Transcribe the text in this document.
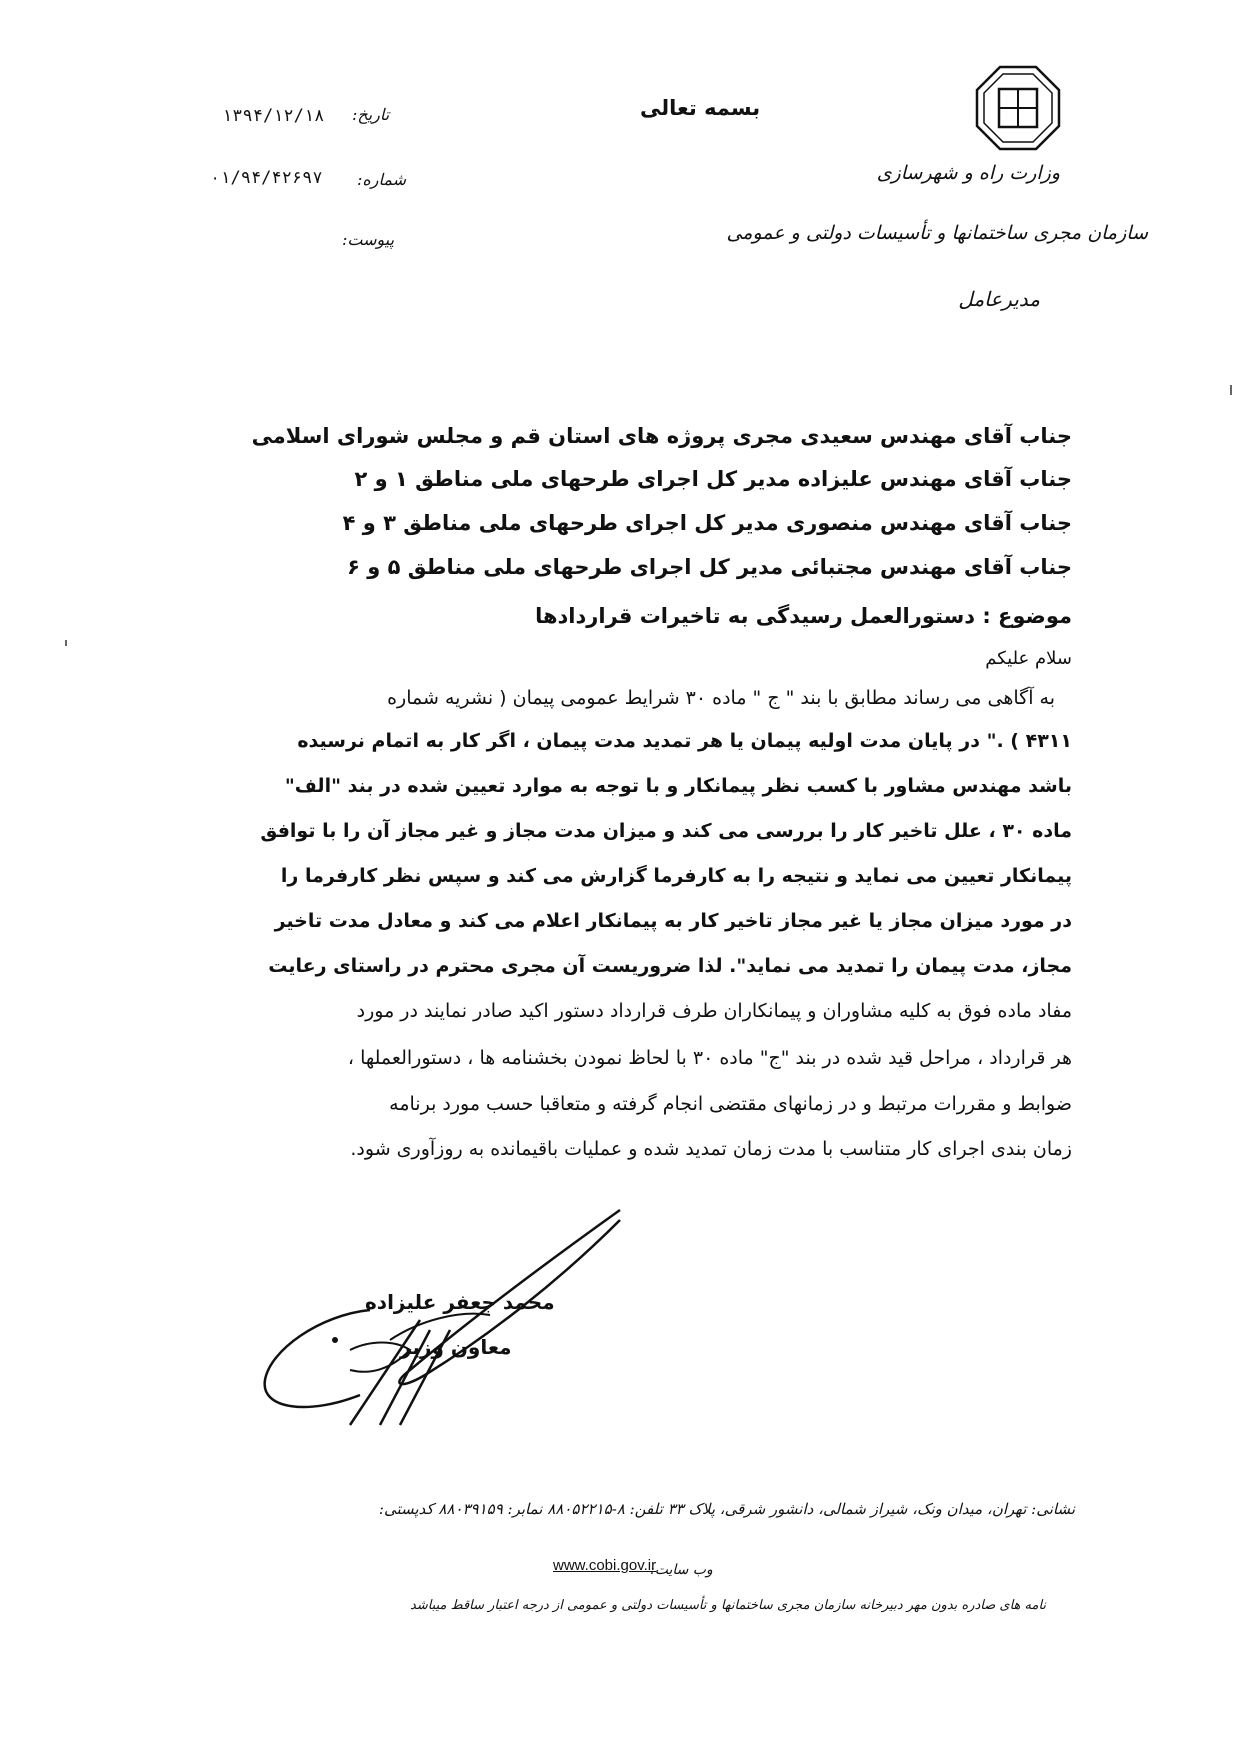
وزارت راه و شهرسازی
سازمان مجری ساختمانها و تأسیسات دولتی و عمومی
مدیرعامل
بسمه تعالی
تاریخ:
۱۳۹۴/۱۲/۱۸
شماره:
۰۱/۹۴/۴۲۶۹۷
پیوست:
جناب آقای مهندس سعیدی مجری پروژه های استان قم و مجلس شورای اسلامی
جناب آقای مهندس علیزاده مدیر کل اجرای طرحهای ملی مناطق ۱ و ۲
جناب آقای مهندس منصوری مدیر کل اجرای طرحهای ملی مناطق ۳ و ۴
جناب آقای مهندس مجتبائی مدیر کل اجرای طرحهای ملی مناطق ۵ و ۶
موضوع : دستورالعمل رسیدگی به تاخیرات قراردادها
سلام علیکم
به آگاهی می رساند مطابق با بند " ج " ماده ۳۰ شرایط عمومی پیمان ( نشریه شماره
۴۳۱۱ ) ." در پایان مدت اولیه پیمان یا هر تمدید مدت پیمان ، اگر کار به اتمام نرسیده
باشد مهندس مشاور با کسب نظر پیمانکار و با توجه به موارد تعیین شده در بند "الف"
ماده ۳۰ ، علل تاخیر کار را بررسی می کند و میزان مدت مجاز و غیر مجاز آن را با توافق
پیمانکار تعیین می نماید و نتیجه را به کارفرما گزارش می کند و سپس نظر کارفرما را
در مورد میزان مجاز یا غیر مجاز تاخیر کار به پیمانکار اعلام می کند و معادل مدت تاخیر
مجاز، مدت پیمان را تمدید می نماید". لذا ضروریست آن مجری محترم در راستای رعایت
مفاد ماده فوق به کلیه مشاوران و پیمانکاران طرف قرارداد دستور اکید صادر نمایند در مورد
هر قرارداد ، مراحل قید شده در بند "ج" ماده ۳۰ با لحاظ نمودن بخشنامه ها ، دستورالعملها ،
ضوابط و مقررات مرتبط و در زمانهای مقتضی انجام گرفته و متعاقبا حسب مورد برنامه
زمان بندی اجرای کار متناسب با مدت زمان تمدید شده و عملیات باقیمانده به روزآوری شود.
محمد جعفر علیزاده
معاون وزیر
نشانی: تهران، میدان ونک، شیراز شمالی، دانشور شرقی، پلاک ۳۳ تلفن: ۸-۸۸۰۵۲۲۱۵ نمابر: ۸۸۰۳۹۱۵۹ کدپستی:
وب سایت:
www.cobi.gov.ir
نامه های صادره بدون مهر دبیرخانه سازمان مجری ساختمانها و تأسیسات دولتی و عمومی از درجه اعتبار ساقط میباشد
